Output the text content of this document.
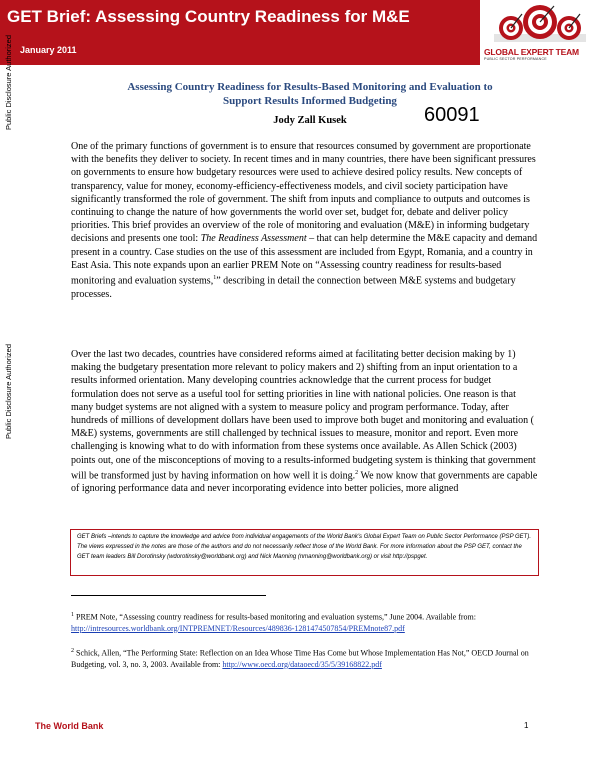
GET Brief: Assessing Country Readiness for M&E
January 2011	GLOBAL EXPERT TEAM
PUBLIC SECTOR PERFORMANCE
Public Disclosure Authorized
Public Disclosure Authorized
Assessing Country Readiness for Results-Based Monitoring and Evaluation to
Support Results Informed Budgeting
Jody Zall Kusek	60091

One of the primary functions of government is to ensure that resources consumed by government are proportionate with the benefits they deliver to society. In recent times and in many countries, there have been significant pressures on governments to ensure how budgetary resources were used to achieve desired policy results. New concepts of transparency, value for money, economy-efficiency-effectiveness models, and civil society participation have significantly transformed the role of government. The shift from inputs and compliance to outputs and outcomes is continuing to change the nature of how governments the world over set, budget for, debate and deliver policy priorities. This brief provides an overview of the role of monitoring and evaluation (M&E) in informing budgetary decisions and presents one tool: The Readiness Assessment – that can help determine the M&E capacity and demand present in a country. Case studies on the use of this assessment are included from Egypt, Romania, and a country in East Asia. This note expands upon an earlier PREM Note on “Assessing country readiness for results-based monitoring and evaluation systems,$^1$” describing in detail the connection between M&E systems and budgetary processes.

Over the last two decades, countries have considered reforms aimed at facilitating better decision making by 1) making the budgetary presentation more relevant to policy makers and 2) shifting from an input orientation to a results informed orientation. Many developing countries acknowledge that the current process for budget formulation does not serve as a useful tool for setting priorities in line with national policies. One reason is that many budget systems are not aligned with a system to measure policy and program performance. Today, after hundreds of millions of development dollars have been used to improve both buget and monitoring and evaluation ( M&E) systems, governments are still challenged by technical issues to measure, monitor and report. Even more challenging is knowing what to do with information from these systems once available. As Allen Schick (2003) points out, one of the misconceptions of moving to a results-informed budgeting system is thinking that government will be transformed just by having information on how well it is doing.$^2$ We now know that governments are capable of ignoring performance data and never incorporating evidence into better policies, more aligned

GET Briefs –intends to capture the knowledge and advice from individual engagements of the World Bank’s Global Expert Team on Public Sector Performance (PSP GET). The views expressed in the notes are those of the authors and do not necessarily reflect those of the World Bank. For more information about the PSP GET, contact the GET team leaders Bill Dorotinsky (wdorotinsky@worldbank.org) and Nick Manning (nmanning@worldbank.org) or visit http://pspget.

$^1$ PREM Note, “Assessing country readiness for results-based monitoring and evaluation systems,” June 2004. Available from: http://intresources.worldbank.org/INTPREMNET/Resources/489836-1281474507854/PREMnote87.pdf

$^2$ Schick, Allen, “The Performing State: Reflection on an Idea Whose Time Has Come but Whose Implementation Has Not,” OECD Journal on Budgeting, vol. 3, no. 3, 2003. Available from: http://www.oecd.org/dataoecd/35/5/39168822.pdf

The World Bank	1
